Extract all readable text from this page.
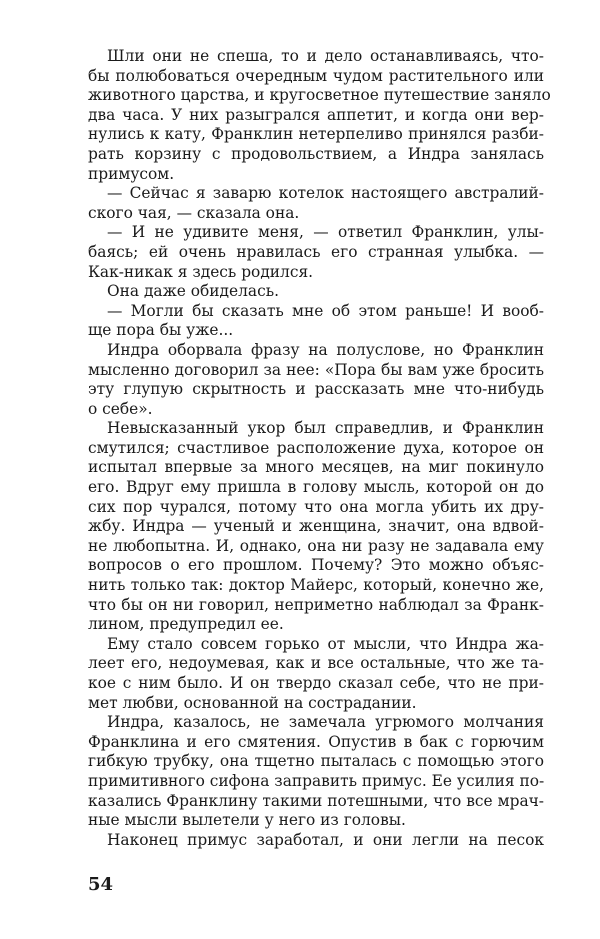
Шли они не спеша, то и дело останавливаясь, что-
бы полюбоваться очередным чудом растительного или
животного царства, и кругосветное путешествие заняло
два часа. У них разыгрался аппетит, и когда они вер-
нулись к кату, Франклин нетерпеливо принялся разби-
рать корзину с продовольствием, а Индра занялась
примусом.
— Сейчас я заварю котелок настоящего австралий-
ского чая, — сказала она.
— И не удивите меня, — ответил Франклин, улы-
баясь; ей очень нравилась его странная улыбка. —
Как-никак я здесь родился.
Она даже обиделась.
— Могли бы сказать мне об этом раньше! И вооб-
ще пора бы уже...
Индра оборвала фразу на полуслове, но Франклин
мысленно договорил за нее: «Пора бы вам уже бросить
эту глупую скрытность и рассказать мне что-нибудь
о себе».
Невысказанный укор был справедлив, и Франклин
смутился; счастливое расположение духа, которое он
испытал впервые за много месяцев, на миг покинуло
его. Вдруг ему пришла в голову мысль, которой он до
сих пор чурался, потому что она могла убить их дру-
жбу. Индра — ученый и женщина, значит, она вдвой-
не любопытна. И, однако, она ни разу не задавала ему
вопросов о его прошлом. Почему? Это можно объяс-
нить только так: доктор Майерс, который, конечно же,
что бы он ни говорил, неприметно наблюдал за Франк-
лином, предупредил ее.
Ему стало совсем горько от мысли, что Индра жа-
леет его, недоумевая, как и все остальные, что же та-
кое с ним было. И он твердо сказал себе, что не при-
мет любви, основанной на сострадании.
Индра, казалось, не замечала угрюмого молчания
Франклина и его смятения. Опустив в бак с горючим
гибкую трубку, она тщетно пыталась с помощью этого
примитивного сифона заправить примус. Ее усилия по-
казались Франклину такими потешными, что все мрач-
ные мысли вылетели у него из головы.
Наконец примус заработал, и они легли на песок
54
